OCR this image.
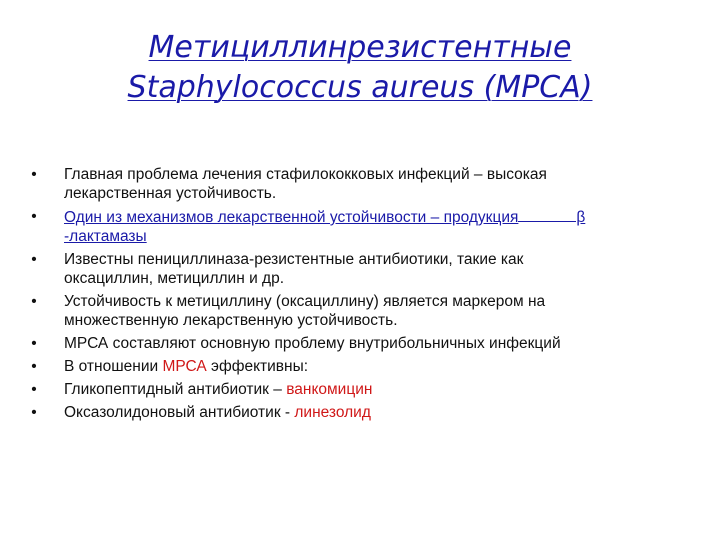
Метициллинрезистентные
Staphylococcus aureus (MPCA)
• Главная проблема лечения стафилококковых инфекций – высокая
лекарственная устойчивость.
• Один из механизмов лекарственной устойчивости – продукция	β
-лактамазы
• Известны пенициллиназа-резистентные антибиотики, такие как
оксациллин, метициллин и др.
• Устойчивость к метициллину (оксациллину) является маркером на
множественную лекарственную устойчивость.
• МРСА составляют основную проблему внутрибольничных инфекций
• В отношении МРСА эффективны:
• Гликопептидный антибиотик – ванкомицин
• Оксазолидоновый антибиотик - линезолид
